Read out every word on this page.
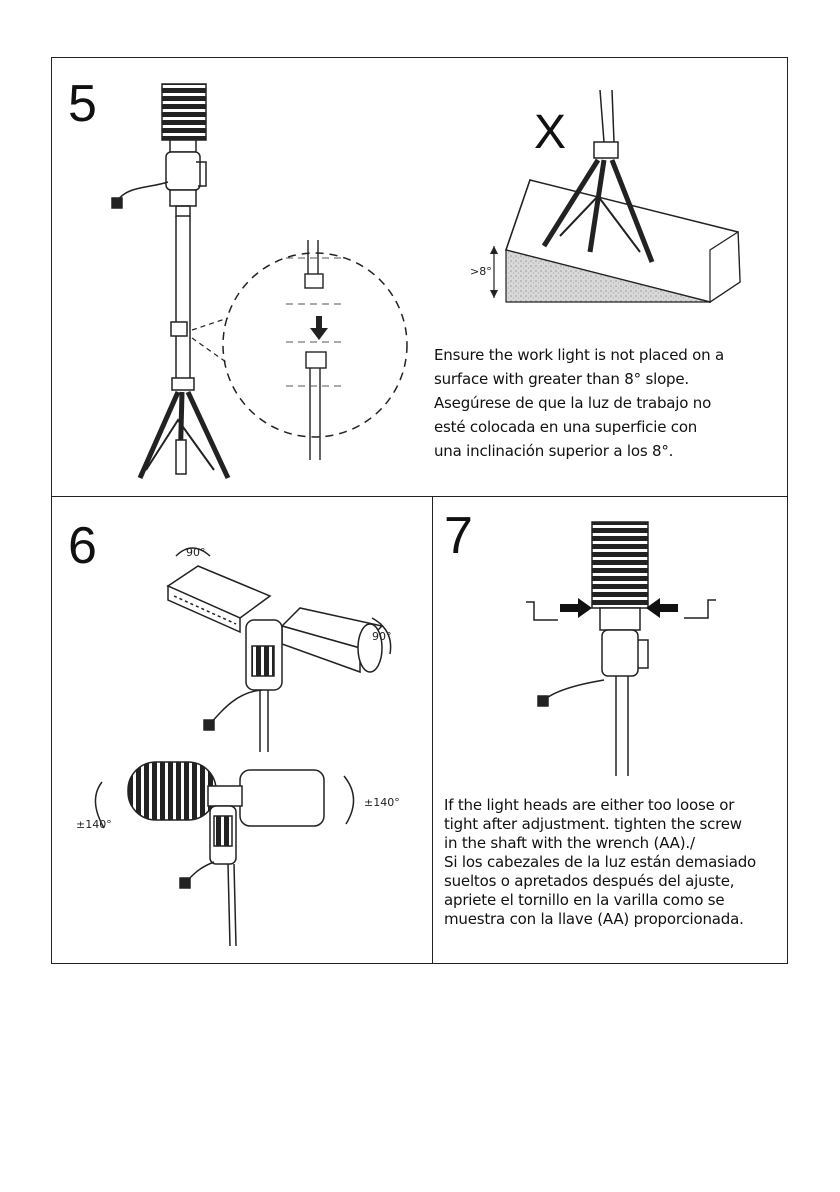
5
6	7
X
>8°
90°
90°
±140°
±140°

Ensure the work light is not placed on a
surface with greater than 8° slope.
Asegúrese de que la luz de trabajo no
esté colocada en una superficie con
una inclinación superior a los 8°.

If the light heads are either too loose or
tight after adjustment. tighten the screw
in the shaft with the wrench (AA)./
Si los cabezales de la luz están demasiado
sueltos o apretados después del ajuste,
apriete el tornillo en la varilla como se
muestra con la llave (AA) proporcionada.
